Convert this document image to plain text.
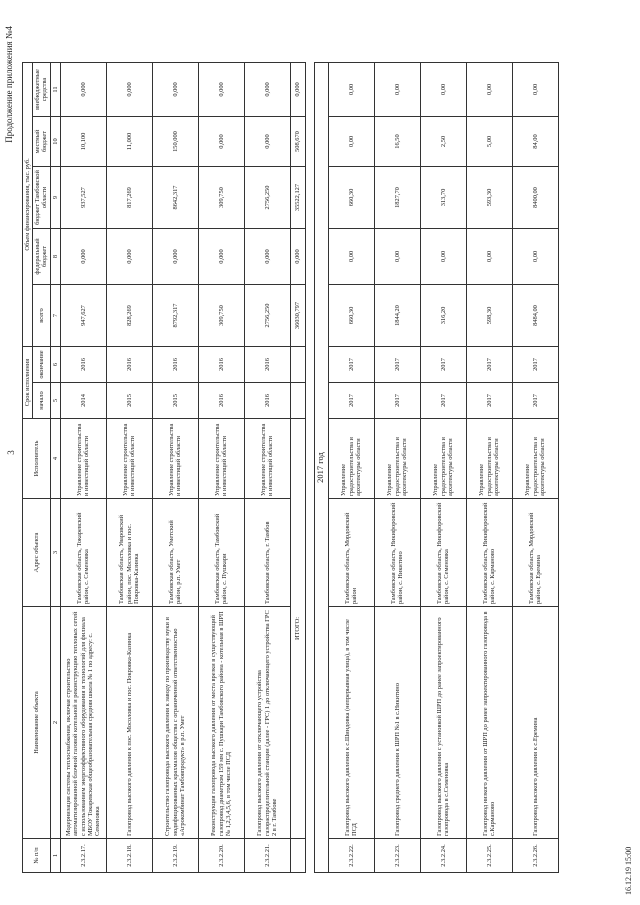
3
Продолжение приложения №4
№ п/п	Наименование объекта	Адрес объекта	Исполнитель	Срок исполнения		Объем финансирования, тыс. руб.				
				начало	окончание	всего	федеральный бюджет	бюджет Тамбовской области	местный бюджет	внебюджетные средства
1	2	3	4	5	6	7	8	9	10	11
2.3.2.17.	Модернизация системы теплоснабжения, включая строительство автоматизированной блочной газовой котельной и реконструкцию тепловых сетей с использованием энергоэффективного оборудования и технологий для филиала МБОУ Токаревская общеобразовательная средняя школа № 1 по адресу: с. Семеновка	Тамбовская область, Токаревский район, с. Семеновка	Управление строительства и инвестиций области	2014	2016	947,627	0,000	937,527	10,100	0,000
2.3.2.18.	Газопровод высокого давления к пос. Мосоловка и пос. Покровка-Казинка	Тамбовская область, Уваровский район, пос. Мосоловка и пос. Покровка-Казинка	Управление строительства и инвестиций области	2015	2016	828,269	0,000	817,269	11,000	0,000
2.3.2.19.	Строительство газопровода высокого давления к заводу по производству муки и модифицированных крахмалов общества с ограниченной ответственностью «Агрокомбинат Тамбовпродукт» в р.п. Умет	Тамбовская область, Уметский район, р.п. Умет	Управление строительства и инвестиций области	2015	2016	8792,317	0,000	8642,317	150,000	0,000
2.3.2.20.	Реконструкция газопровода высокого давления от места врезки в существующий газопровод диаметром 159 мм с. Пушкари Тамбовского района - котельная в ШРП № 1,2,3,4,5,6, в том числе ПСД	Тамбовская область, Тамбовский район, с. Пушкари	Управление строительства и инвестиций области	2016	2016	309,750	0,000	309,750	0,000	0,000
2.3.2.21.	Газопровод высокого давления от отключающего устройства газораспределительной станции (далее - ГРС) 1 до отключающего устройства ГРС 2 в г. Тамбове	Тамбовская область, г. Тамбов	Управление строительства и инвестиций области	2016	2016	2756,250	0,000	2756,250	0,000	0,000
	ИТОГО:					36030,797	0,000	35522,127	508,670	0,000

2017 год										
2.3.2.22.	Газопровод высокого давления к с.Шиндовка (непрерывная улица), в том числе ПСД	Тамбовская область, Мордовский район	Управление градостроительства и архитектуры области	2017	2017	660,30	0,00	660,30	0,00	0,00
2.3.2.23.	Газопровод среднего давления к ШРП №1 в с.Никитино	Тамбовская область, Никифоровский район, с. Никитино	Управление градостроительства и архитектуры области	2017	2017	1844,20	0,00	1827,70	16,50	0,00
2.3.2.24.	Газопровод высокого давления с установкой ШРП до ранее запроектированного газопровода в с.Семеновка	Тамбовская область, Никифоровский район, с. Семеновка	Управление градостроительства и архитектуры области	2017	2017	316,20	0,00	313,70	2,50	0,00
2.3.2.25.	Газопровод низкого давления от ШРП до ранее запроектированного газопровода в с.Карманово	Тамбовская область, Никифоровский район, с. Карманово	Управление градостроительства и архитектуры области	2017	2017	598,30	0,00	593,30	5,00	0,00
2.3.2.26.	Газопровод высокого давления к с.Еремина	Тамбовская область, Мордовский район, с. Еремина	Управление градостроительства и архитектуры области	2017	2017	8484,00	0,00	8400,00	84,00	0,00
16.12.19 15:00
